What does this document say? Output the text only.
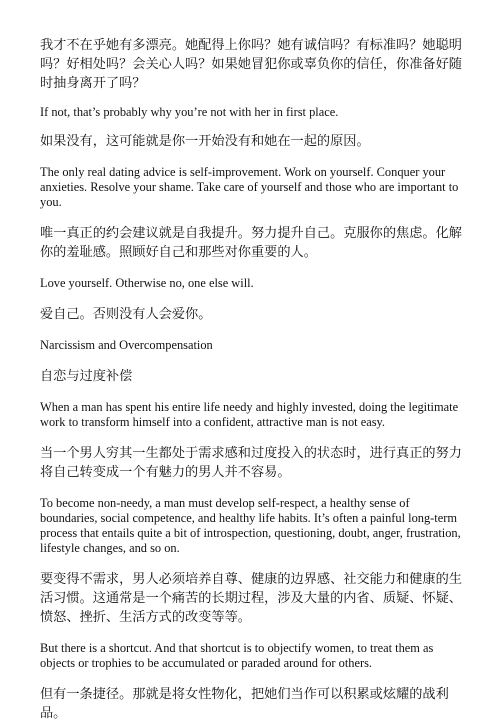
我才不在乎她有多漂亮。她配得上你吗？她有诚信吗？有标准吗？她聪明吗？好相处吗？会关心人吗？如果她冒犯你或辜负你的信任，你准备好随时抽身离开了吗？

If not, that’s probably why you’re not with her in first place.

如果没有，这可能就是你一开始没有和她在一起的原因。

The only real dating advice is self-improvement. Work on yourself. Conquer your anxieties. Resolve your shame. Take care of yourself and those who are important to you.

唯一真正的约会建议就是自我提升。努力提升自己。克服你的焦虑。化解你的羞耻感。照顾好自己和那些对你重要的人。

Love yourself. Otherwise no, one else will.

爱自己。否则没有人会爱你。

Narcissism and Overcompensation

自恋与过度补偿

When a man has spent his entire life needy and highly invested, doing the legitimate work to transform himself into a confident, attractive man is not easy.

当一个男人穷其一生都处于需求感和过度投入的状态时，进行真正的努力将自己转变成一个有魅力的男人并不容易。

To become non-needy, a man must develop self-respect, a healthy sense of boundaries, social competence, and healthy life habits. It’s often a painful long-term process that entails quite a bit of introspection, questioning, doubt, anger, frustration, lifestyle changes, and so on.

要变得不需求，男人必须培养自尊、健康的边界感、社交能力和健康的生活习惯。这通常是一个痛苦的长期过程，涉及大量的内省、质疑、怀疑、愤怒、挫折、生活方式的改变等等。

But there is a shortcut. And that shortcut is to objectify women, to treat them as objects or trophies to be accumulated or paraded around for others.

但有一条捷径。那就是将女性物化，把她们当作可以积累或炫耀的战利品。
